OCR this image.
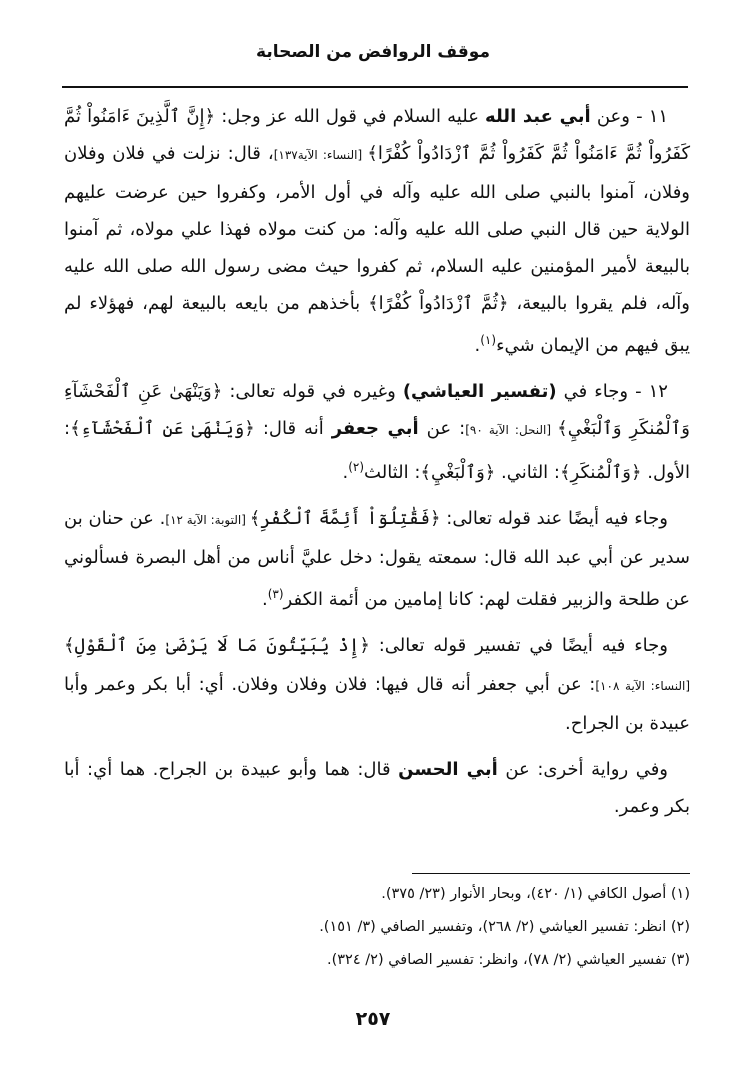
موقف الروافض من الصحابة

١١ - وعن أبي عبد الله عليه السلام في قول الله عز وجل: ﴿إِنَّ ٱلَّذِينَ ءَامَنُواْ ثُمَّ كَفَرُواْ ثُمَّ ءَامَنُواْ ثُمَّ كَفَرُواْ ثُمَّ ٱزْدَادُواْ كُفْرًا﴾ [النساء: الآية١٣٧]، قال: نزلت في فلان وفلان وفلان، آمنوا بالنبي صلى الله عليه وآله في أول الأمر، وكفروا حين عرضت عليهم الولاية حين قال النبي صلى الله عليه وآله: من كنت مولاه فهذا علي مولاه، ثم آمنوا بالبيعة لأمير المؤمنين عليه السلام، ثم كفروا حيث مضى رسول الله صلى الله عليه وآله، فلم يقروا بالبيعة، ﴿ثُمَّ ٱزْدَادُواْ كُفْرًا﴾ بأخذهم من بايعه بالبيعة لهم، فهؤلاء لم يبق فيهم من الإيمان شيء$^{(١)}$.

١٢ - وجاء في (تفسير العياشي) وغيره في قوله تعالى: ﴿وَيَنْهَىٰ عَنِ ٱلْفَحْشَآءِ وَٱلْمُنكَرِ وَٱلْبَغْيِ﴾ [النحل: الآية ٩٠]: عن أبي جعفر أنه قال: ﴿وَيَنْهَىٰ عَنِ ٱلْفَحْشَآءِ﴾: الأول. ﴿وَٱلْمُنكَرِ﴾: الثاني. ﴿وَٱلْبَغْيِ﴾: الثالث$^{(٢)}$.

وجاء فيه أيضًا عند قوله تعالى: ﴿فَقَٰتِلُوٓاْ أَئِمَّةَ ٱلْكُفْرِ﴾ [التوبة: الآية ١٢]. عن حنان بن سدير عن أبي عبد الله قال: سمعته يقول: دخل عليَّ أناس من أهل البصرة فسألوني عن طلحة والزبير فقلت لهم: كانا إمامين من أئمة الكفر$^{(٣)}$.

وجاء فيه أيضًا في تفسير قوله تعالى: ﴿إِذْ يُبَيِّتُونَ مَا لَا يَرْضَىٰ مِنَ ٱلْقَوْلِ﴾ [النساء: الآية ١٠٨]: عن أبي جعفر أنه قال فيها: فلان وفلان وفلان. أي: أبا بكر وعمر وأبا عبيدة بن الجراح.

وفي رواية أخرى: عن أبي الحسن قال: هما وأبو عبيدة بن الجراح. هما أي: أبا بكر وعمر.

(١) أصول الكافي (١/ ٤٢٠)، وبحار الأنوار (٢٣/ ٣٧٥).

(٢) انظر: تفسير العياشي (٢/ ٢٦٨)، وتفسير الصافي (٣/ ١٥١).

(٣) تفسير العياشي (٢/ ٧٨)، وانظر: تفسير الصافي (٢/ ٣٢٤).

٢٥٧
